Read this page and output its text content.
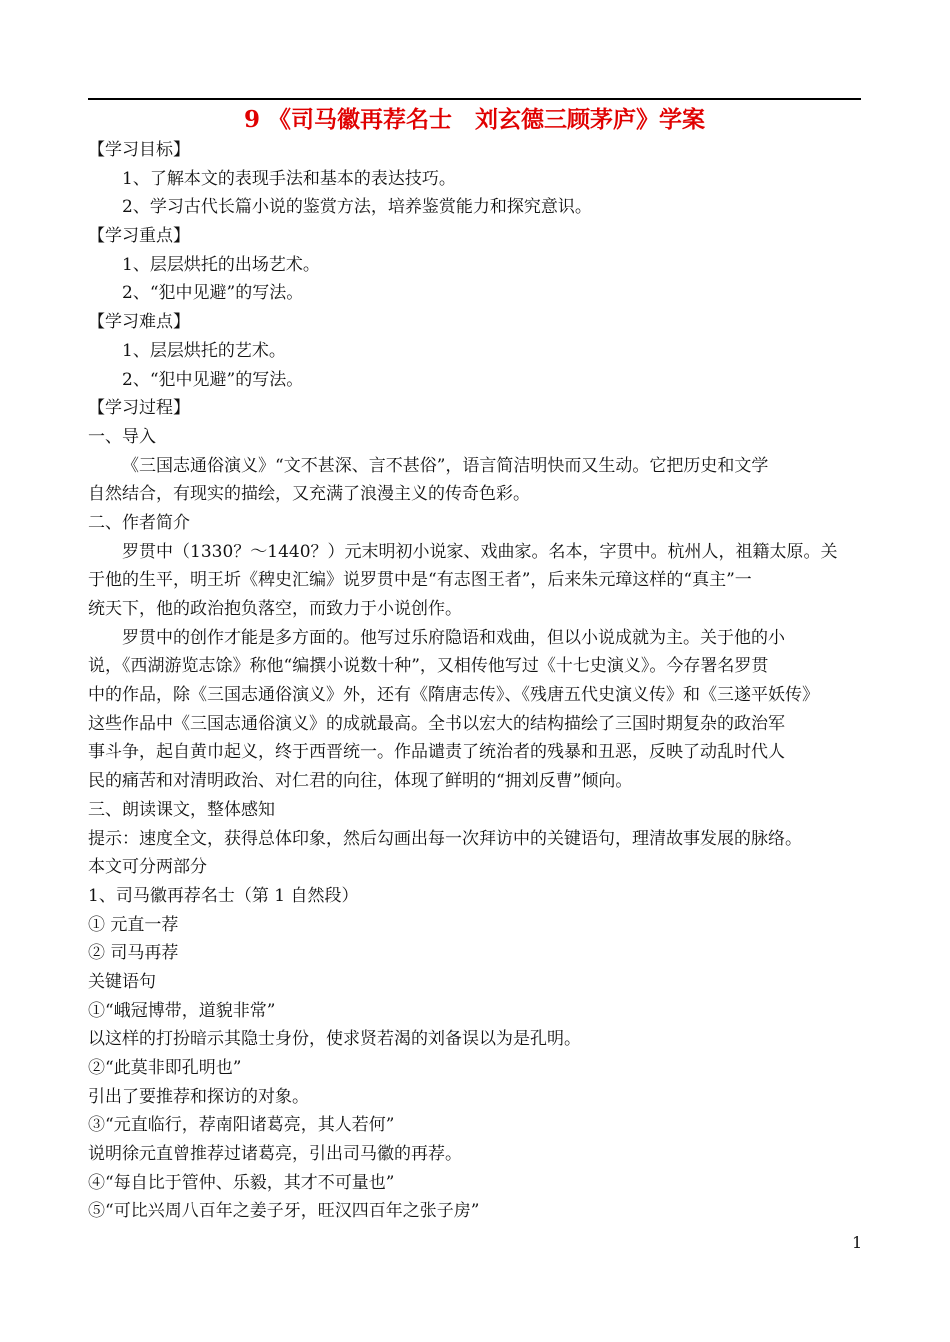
9 《司马徽再荐名士　刘玄德三顾茅庐》学案
【学习目标】
1、了解本文的表现手法和基本的表达技巧。
2、学习古代长篇小说的鉴赏方法，培养鉴赏能力和探究意识。
【学习重点】
1、层层烘托的出场艺术。
2、“犯中见避”的写法。
【学习难点】
1、层层烘托的艺术。
2、“犯中见避”的写法。
【学习过程】
一、导入
《三国志通俗演义》“文不甚深、言不甚俗”，语言简洁明快而又生动。它把历史和文学
自然结合，有现实的描绘，又充满了浪漫主义的传奇色彩。
二、作者简介
罗贯中（1330？～1440？）元末明初小说家、戏曲家。名本，字贯中。杭州人，祖籍太原。关
于他的生平，明王圻《稗史汇编》说罗贯中是“有志图王者”，后来朱元璋这样的“真主”一
统天下，他的政治抱负落空，而致力于小说创作。
罗贯中的创作才能是多方面的。他写过乐府隐语和戏曲，但以小说成就为主。关于他的小
说，《西湖游览志馀》称他“编撰小说数十种”，又相传他写过《十七史演义》。今存署名罗贯
中的作品，除《三国志通俗演义》外，还有《隋唐志传》、《残唐五代史演义传》和《三遂平妖传》
这些作品中《三国志通俗演义》的成就最高。全书以宏大的结构描绘了三国时期复杂的政治军
事斗争，起自黄巾起义，终于西晋统一。作品谴责了统治者的残暴和丑恶，反映了动乱时代人
民的痛苦和对清明政治、对仁君的向往，体现了鲜明的“拥刘反曹”倾向。
三、朗读课文，整体感知
提示：速度全文，获得总体印象，然后勾画出每一次拜访中的关键语句，理清故事发展的脉络。
本文可分两部分
1、司马徽再荐名士（第 1 自然段）
① 元直一荐
② 司马再荐
关键语句
①“峨冠博带，道貌非常”
以这样的打扮暗示其隐士身份，使求贤若渴的刘备误以为是孔明。
②“此莫非即孔明也”
引出了要推荐和探访的对象。
③“元直临行，荐南阳诸葛亮，其人若何”
说明徐元直曾推荐过诸葛亮，引出司马徽的再荐。
④“每自比于管仲、乐毅，其才不可量也”
⑤“可比兴周八百年之姜子牙，旺汉四百年之张子房”
1
